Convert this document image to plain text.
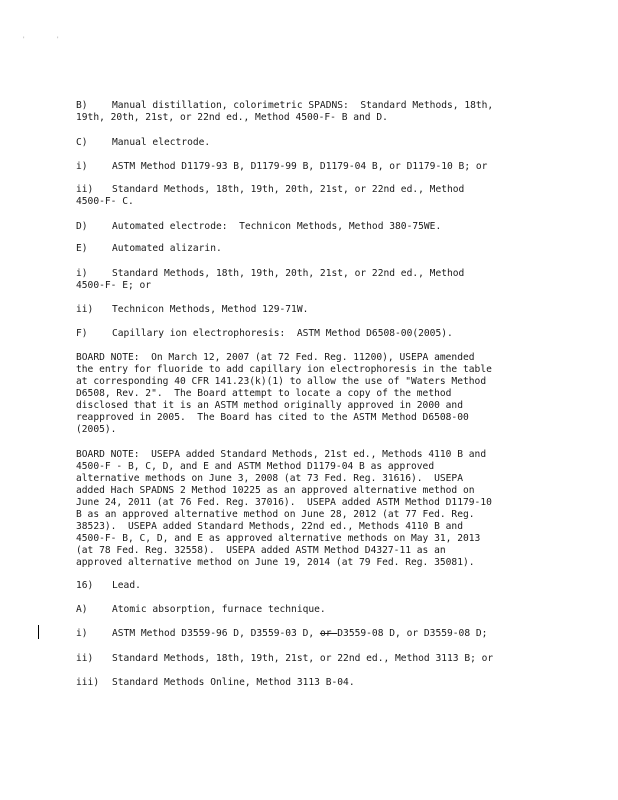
'	'
B)	Manual distillation, colorimetric SPADNS:  Standard Methods, 18th,
19th, 20th, 21st, or 22nd ed., Method 4500-F- B and D.
C)	Manual electrode.
i)	ASTM Method D1179-93 B, D1179-99 B, D1179-04 B, or D1179-10 B; or
ii) Standard Methods, 18th, 19th, 20th, 21st, or 22nd ed., Method
4500-F- C.
D)	Automated electrode:  Technicon Methods, Method 380-75WE.
E)	Automated alizarin.
i)	Standard Methods, 18th, 19th, 20th, 21st, or 22nd ed., Method
4500-F- E; or
ii) Technicon Methods, Method 129-71W.
F)	Capillary ion electrophoresis:  ASTM Method D6508-00(2005).
BOARD NOTE:  On March 12, 2007 (at 72 Fed. Reg. 11200), USEPA amended
the entry for fluoride to add capillary ion electrophoresis in the table
at corresponding 40 CFR 141.23(k)(1) to allow the use of "Waters Method
D6508, Rev. 2".  The Board attempt to locate a copy of the method
disclosed that it is an ASTM method originally approved in 2000 and
reapproved in 2005.  The Board has cited to the ASTM Method D6508-00
(2005).
BOARD NOTE:  USEPA added Standard Methods, 21st ed., Methods 4110 B and
4500-F - B, C, D, and E and ASTM Method D1179-04 B as approved
alternative methods on June 3, 2008 (at 73 Fed. Reg. 31616).  USEPA
added Hach SPADNS 2 Method 10225 as an approved alternative method on
June 24, 2011 (at 76 Fed. Reg. 37016).  USEPA added ASTM Method D1179-10
B as an approved alternative method on June 28, 2012 (at 77 Fed. Reg.
38523).  USEPA added Standard Methods, 22nd ed., Methods 4110 B and
4500-F- B, C, D, and E as approved alternative methods on May 31, 2013
(at 78 Fed. Reg. 32558).  USEPA added ASTM Method D4327-11 as an
approved alternative method on June 19, 2014 (at 79 Fed. Reg. 35081).
16) Lead.
A)	Atomic absorption, furnace technique.
i)	ASTM Method D3559-96 D, D3559-03 D, or D3559-08 D, or D3559-08 D;
ii) Standard Methods, 18th, 19th, 21st, or 22nd ed., Method 3113 B; or
iii) Standard Methods Online, Method 3113 B-04.
